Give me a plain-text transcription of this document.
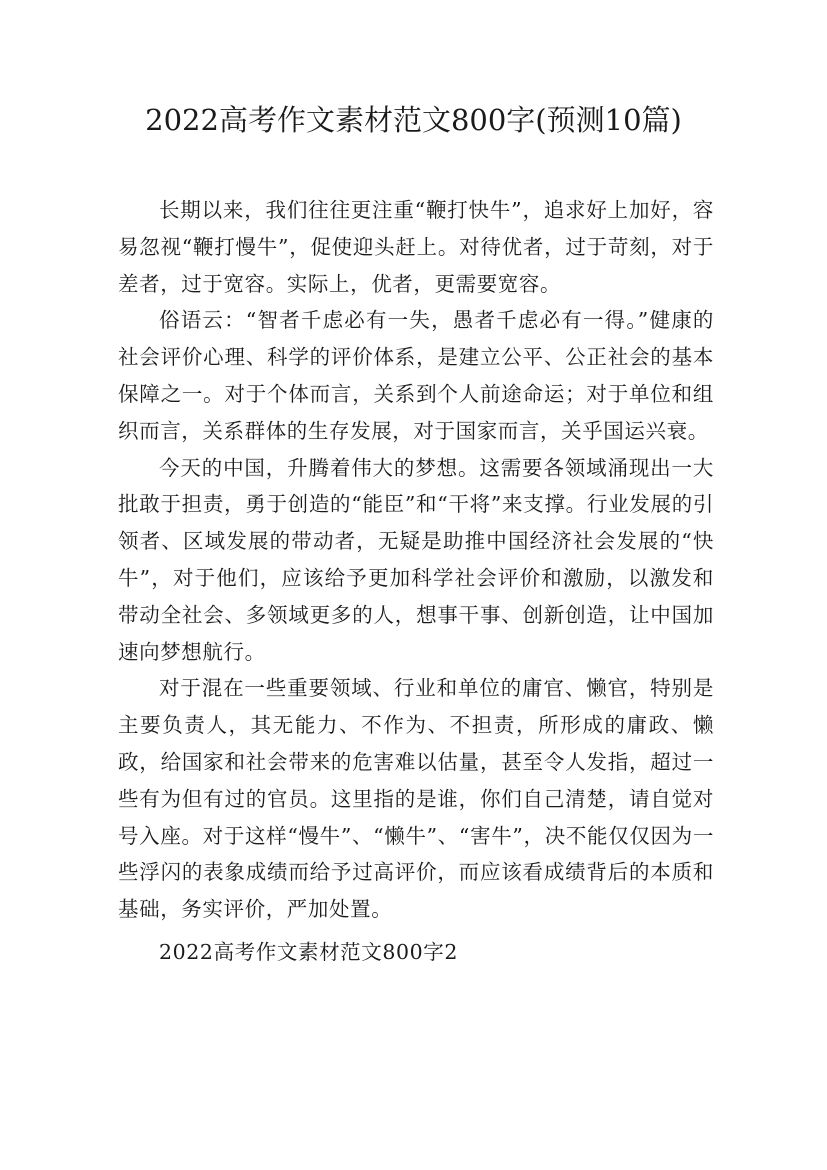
2022高考作文素材范文800字(预测10篇)

长期以来，我们往往更注重“鞭打快牛”，追求好上加好，容易忽视“鞭打慢牛”，促使迎头赶上。对待优者，过于苛刻，对于差者，过于宽容。实际上，优者，更需要宽容。

俗语云：“智者千虑必有一失，愚者千虑必有一得。”健康的社会评价心理、科学的评价体系，是建立公平、公正社会的基本保障之一。对于个体而言，关系到个人前途命运；对于单位和组织而言，关系群体的生存发展，对于国家而言，关乎国运兴衰。

今天的中国，升腾着伟大的梦想。这需要各领域涌现出一大批敢于担责，勇于创造的“能臣”和“干将”来支撑。行业发展的引领者、区域发展的带动者，无疑是助推中国经济社会发展的“快牛”，对于他们，应该给予更加科学社会评价和激励，以激发和带动全社会、多领域更多的人，想事干事、创新创造，让中国加速向梦想航行。

对于混在一些重要领域、行业和单位的庸官、懒官，特别是主要负责人，其无能力、不作为、不担责，所形成的庸政、懒政，给国家和社会带来的危害难以估量，甚至令人发指，超过一些有为但有过的官员。这里指的是谁，你们自己清楚，请自觉对号入座。对于这样“慢牛”、“懒牛”、“害牛”，决不能仅仅因为一些浮闪的表象成绩而给予过高评价，而应该看成绩背后的本质和基础，务实评价，严加处置。

2022高考作文素材范文800字2
